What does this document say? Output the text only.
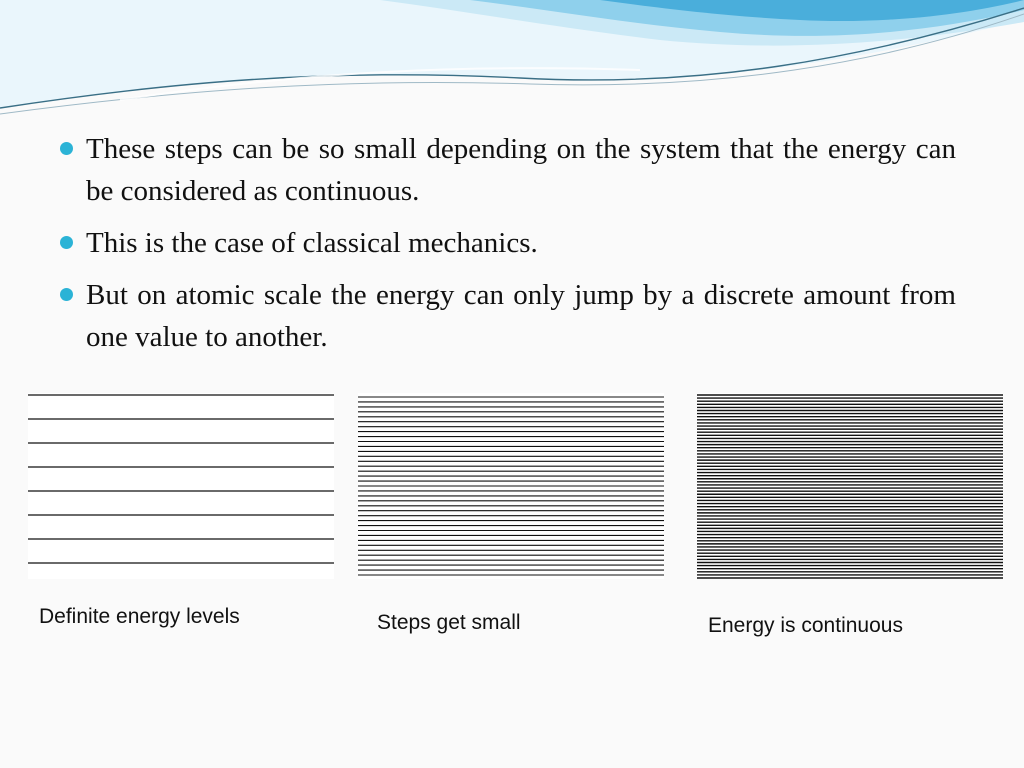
These steps can be so small depending on the system that the energy can be considered as continuous.
This is the case of classical mechanics.
But on atomic scale the energy can only jump by a discrete amount from one value to another.
Definite energy levels	Steps get small	Energy is continuous
